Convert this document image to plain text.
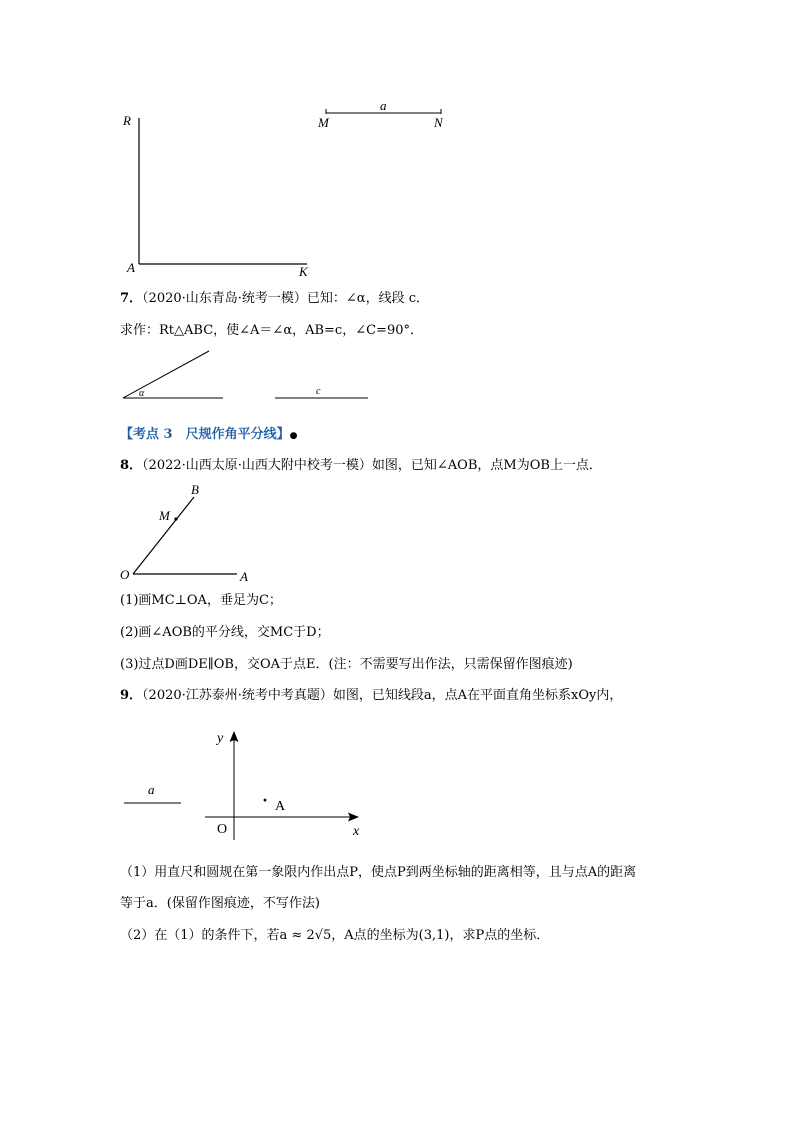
R
A	K
a
M	N
7．（2020·山东青岛·统考一模）已知：∠α，线段 c．
求作：Rt△ABC，使∠A＝∠α，AB=c，∠C=90°．
α	c
【考点 3　尺规作角平分线】●
8．（2022·山西太原·山西大附中校考一模）如图，已知∠AOB，点M为OB上一点．
B
M
O	A
(1)画MC⊥OA，垂足为C；
(2)画∠AOB的平分线，交MC于D；
(3)过点D画DE∥OB，交OA于点E．(注：不需要写出作法，只需保留作图痕迹)
9．（2020·江苏泰州·统考中考真题）如图，已知线段a，点A在平面直角坐标系xOy内，
a
y
x
O
· A
（1）用直尺和圆规在第一象限内作出点P，使点P到两坐标轴的距离相等，且与点A的距离
等于a．(保留作图痕迹，不写作法)
（2）在（1）的条件下，若a ≈ 2√5，A点的坐标为(3,1)，求P点的坐标．
